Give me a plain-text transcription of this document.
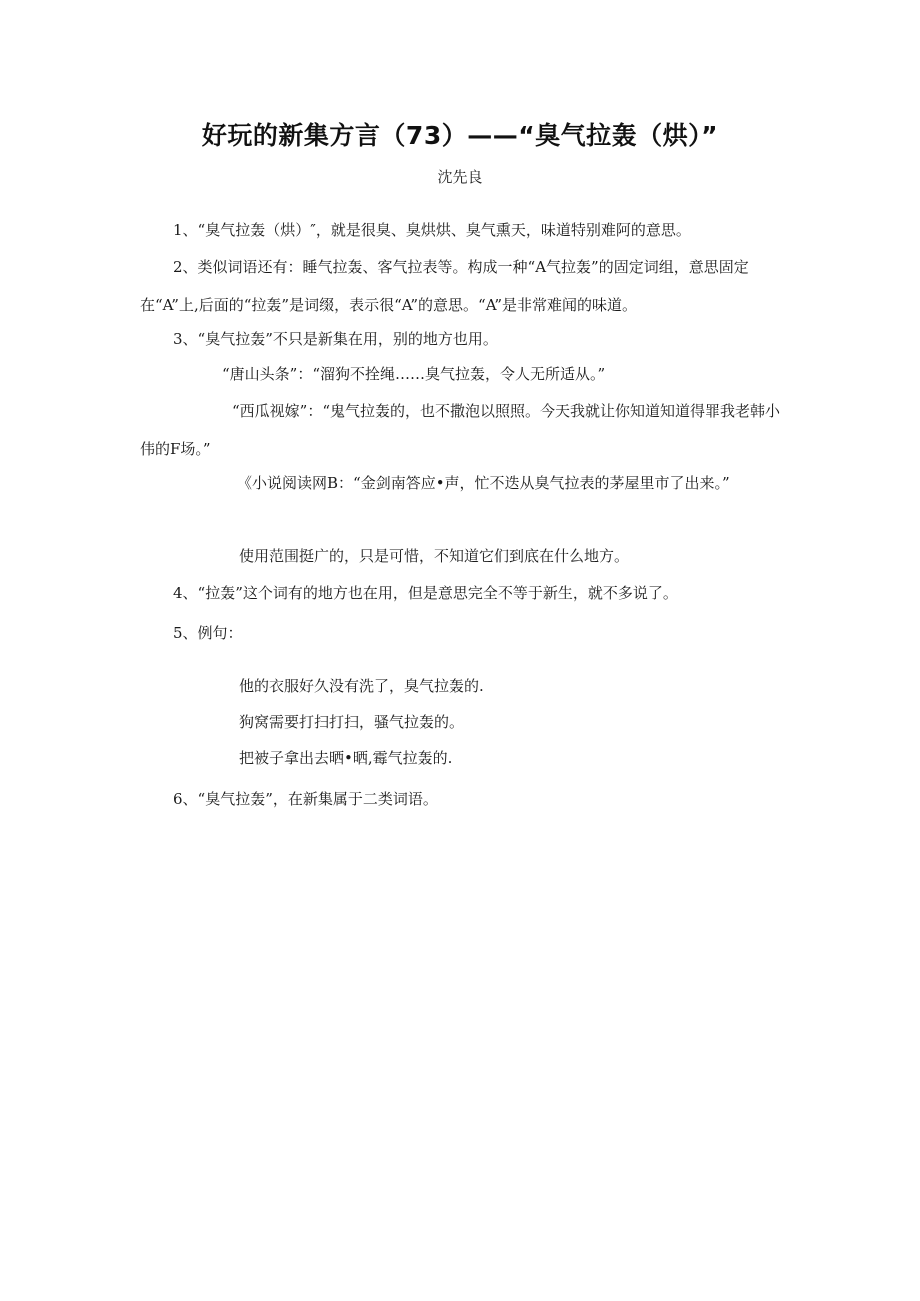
好玩的新集方言（73）——“臭气拉轰（烘）”
沈先良
1、“臭气拉轰（烘）″，就是很臭、臭烘烘、臭气熏天，味道特别难阿的意思。
2、类似词语还有：睡气拉轰、客气拉表等。构成一种“A气拉轰”的固定词组，意思固定在“A”上,后面的“拉轰”是词缀，表示很“A”的意思。“A”是非常难闻的味道。
3、“臭气拉轰”不只是新集在用，别的地方也用。
“唐山头条”：“溜狗不拴绳……臭气拉轰，令人无所适从。”
“西瓜视嫁”：“鬼气拉轰的，也不撒泡以照照。今天我就让你知道知道得罪我老韩小伟的F场。”
《小说阅读网B：“金剑南答应•声，忙不迭从臭气拉表的茅屋里市了出来。”
使用范围挺广的，只是可惜，不知道它们到底在什么地方。
4、“拉轰”这个词有的地方也在用，但是意思完全不等于新生，就不多说了。
5、例句：
他的衣服好久没有洗了，臭气拉轰的.
狗窝需要打扫打扫，骚气拉轰的。
把被子拿出去晒•晒,霉气拉轰的.
6、“臭气拉轰”，在新集属于二类词语。
